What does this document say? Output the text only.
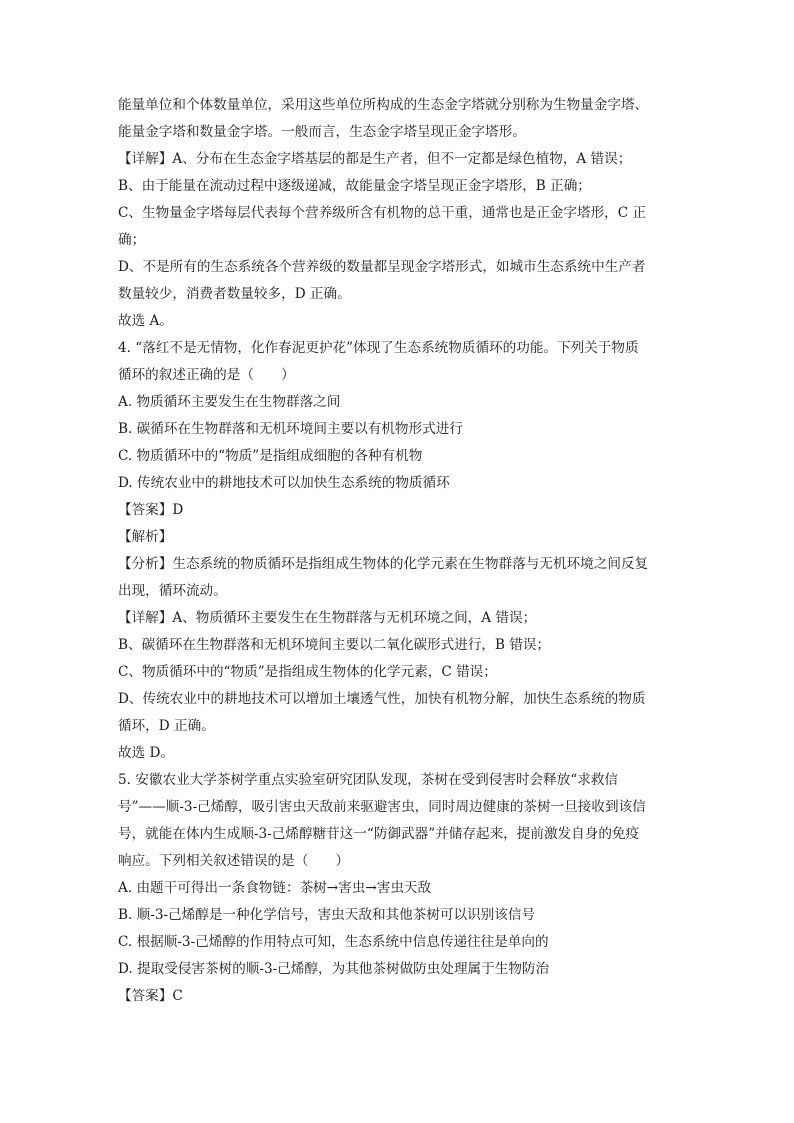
能量单位和个体数量单位，采用这些单位所构成的生态金字塔就分别称为生物量金字塔、
能量金字塔和数量金字塔。一般而言，生态金字塔呈现正金字塔形。
【详解】A、分布在生态金字塔基层的都是生产者，但不一定都是绿色植物，A 错误；
B、由于能量在流动过程中逐级递减，故能量金字塔呈现正金字塔形，B 正确；
C、生物量金字塔每层代表每个营养级所含有机物的总干重，通常也是正金字塔形，C 正
确；
D、不是所有的生态系统各个营养级的数量都呈现金字塔形式，如城市生态系统中生产者
数量较少，消费者数量较多，D 正确。
故选 A。
4. “落红不是无情物，化作春泥更护花”体现了生态系统物质循环的功能。下列关于物质
循环的叙述正确的是（　　）
A. 物质循环主要发生在生物群落之间
B. 碳循环在生物群落和无机环境间主要以有机物形式进行
C. 物质循环中的“物质”是指组成细胞的各种有机物
D. 传统农业中的耕地技术可以加快生态系统的物质循环
【答案】D
【解析】
【分析】生态系统的物质循环是指组成生物体的化学元素在生物群落与无机环境之间反复
出现，循环流动。
【详解】A、物质循环主要发生在生物群落与无机环境之间，A 错误；
B、碳循环在生物群落和无机环境间主要以二氧化碳形式进行，B 错误；
C、物质循环中的“物质”是指组成生物体的化学元素，C 错误；
D、传统农业中的耕地技术可以增加土壤透气性，加快有机物分解，加快生态系统的物质
循环，D 正确。
故选 D。
5. 安徽农业大学茶树学重点实验室研究团队发现，茶树在受到侵害时会释放“求救信
号”——顺-3-己烯醇，吸引害虫天敌前来驱避害虫，同时周边健康的茶树一旦接收到该信
号，就能在体内生成顺-3-己烯醇糖苷这一“防御武器”并储存起来，提前激发自身的免疫
响应。下列相关叙述错误的是（　　）
A. 由题干可得出一条食物链：茶树→害虫→害虫天敌
B. 顺-3-己烯醇是一种化学信号，害虫天敌和其他茶树可以识别该信号
C. 根据顺-3-己烯醇的作用特点可知，生态系统中信息传递往往是单向的
D. 提取受侵害茶树的顺-3-己烯醇，为其他茶树做防虫处理属于生物防治
【答案】C
